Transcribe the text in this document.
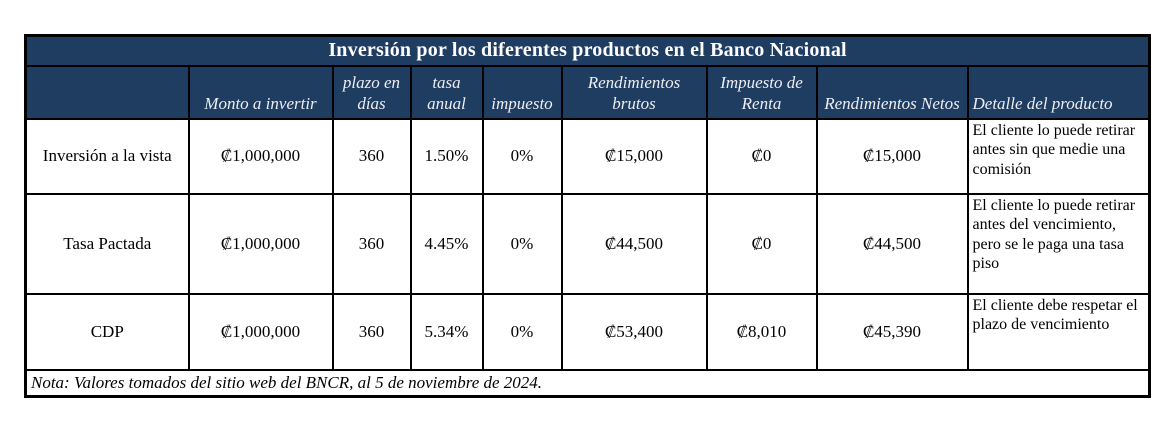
Inversión por los diferentes productos en el Banco Nacional								
	Monto a invertir	plazo en días	tasa anual	impuesto	Rendimientos brutos	Impuesto de Renta	Rendimientos Netos	Detalle del producto
Inversión a la vista	₡1,000,000	360	1.50%	0%	₡15,000	₡0	₡15,000	El cliente lo puede retirar antes sin que medie una comisión
Tasa Pactada	₡1,000,000	360	4.45%	0%	₡44,500	₡0	₡44,500	El cliente lo puede retirar antes del vencimiento, pero se le paga una tasa piso
CDP	₡1,000,000	360	5.34%	0%	₡53,400	₡8,010	₡45,390	El cliente debe respetar el plazo de vencimiento
Nota: Valores tomados del sitio web del BNCR, al 5 de noviembre de 2024.								
